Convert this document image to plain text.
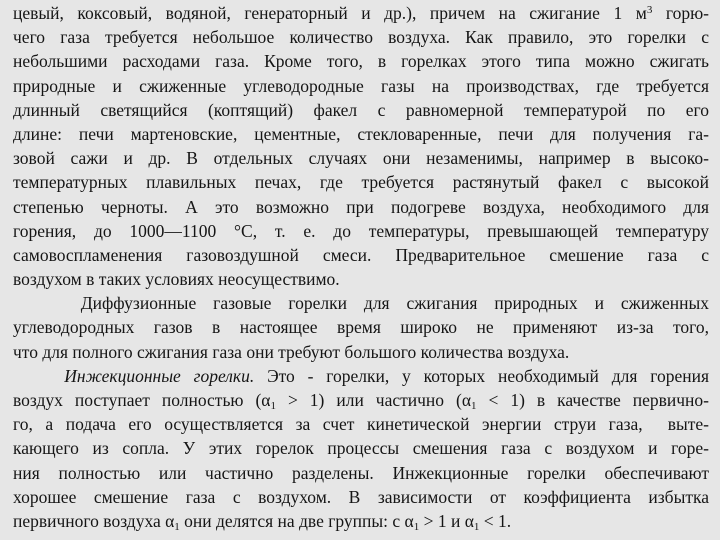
цевый, коксовый, водяной, генераторный и др.), причем на сжигание 1 $м^3$ горю-
чего газа требуется небольшое количество воздуха. Как правило, это горелки с
небольшими расходами газа. Кроме того, в горелках этого типа можно сжигать
природные и сжиженные углеводородные газы на производствах, где требуется
длинный светящийся (коптящий) факел с равномерной температурой по его
длине: печи мартеновские, цементные, стекловаренные, печи для получения га-
зовой сажи и др. В отдельных случаях они незаменимы, например в высоко-
температурных плавильных печах, где требуется растянутый факел с высокой
степенью черноты. А это возможно при подогреве воздуха, необходимого для
горения, до 1000—1100 °С, т. е. до температуры, превышающей температуру
самовоспламенения газовоздушной смеси. Предварительное смешение газа с
воздухом в таких условиях неосуществимо.
Диффузионные газовые горелки для сжигания природных и сжиженных
углеводородных газов в настоящее время широко не применяют из-за того,
что для полного сжигания газа они требуют большого количества воздуха.
Инжекционные горелки. Это - горелки, у которых необходимый для горения
воздух поступает полностью $(\alpha_1 > 1)$ или частично $(\alpha_1 < 1)$ в качестве первично-
го, а подача его осуществляется за счет кинетической энергии струи газа,  выте-
кающего из сопла. У этих горелок процессы смешения газа с воздухом и горе-
ния полностью или частично разделены. Инжекционные горелки обеспечивают
хорошее смешение газа с воздухом. В зависимости от коэффициента избытка
первичного воздуха $\alpha_1$ они делятся на две группы: с $\alpha_1 > 1$ и $\alpha_1 < 1$.
